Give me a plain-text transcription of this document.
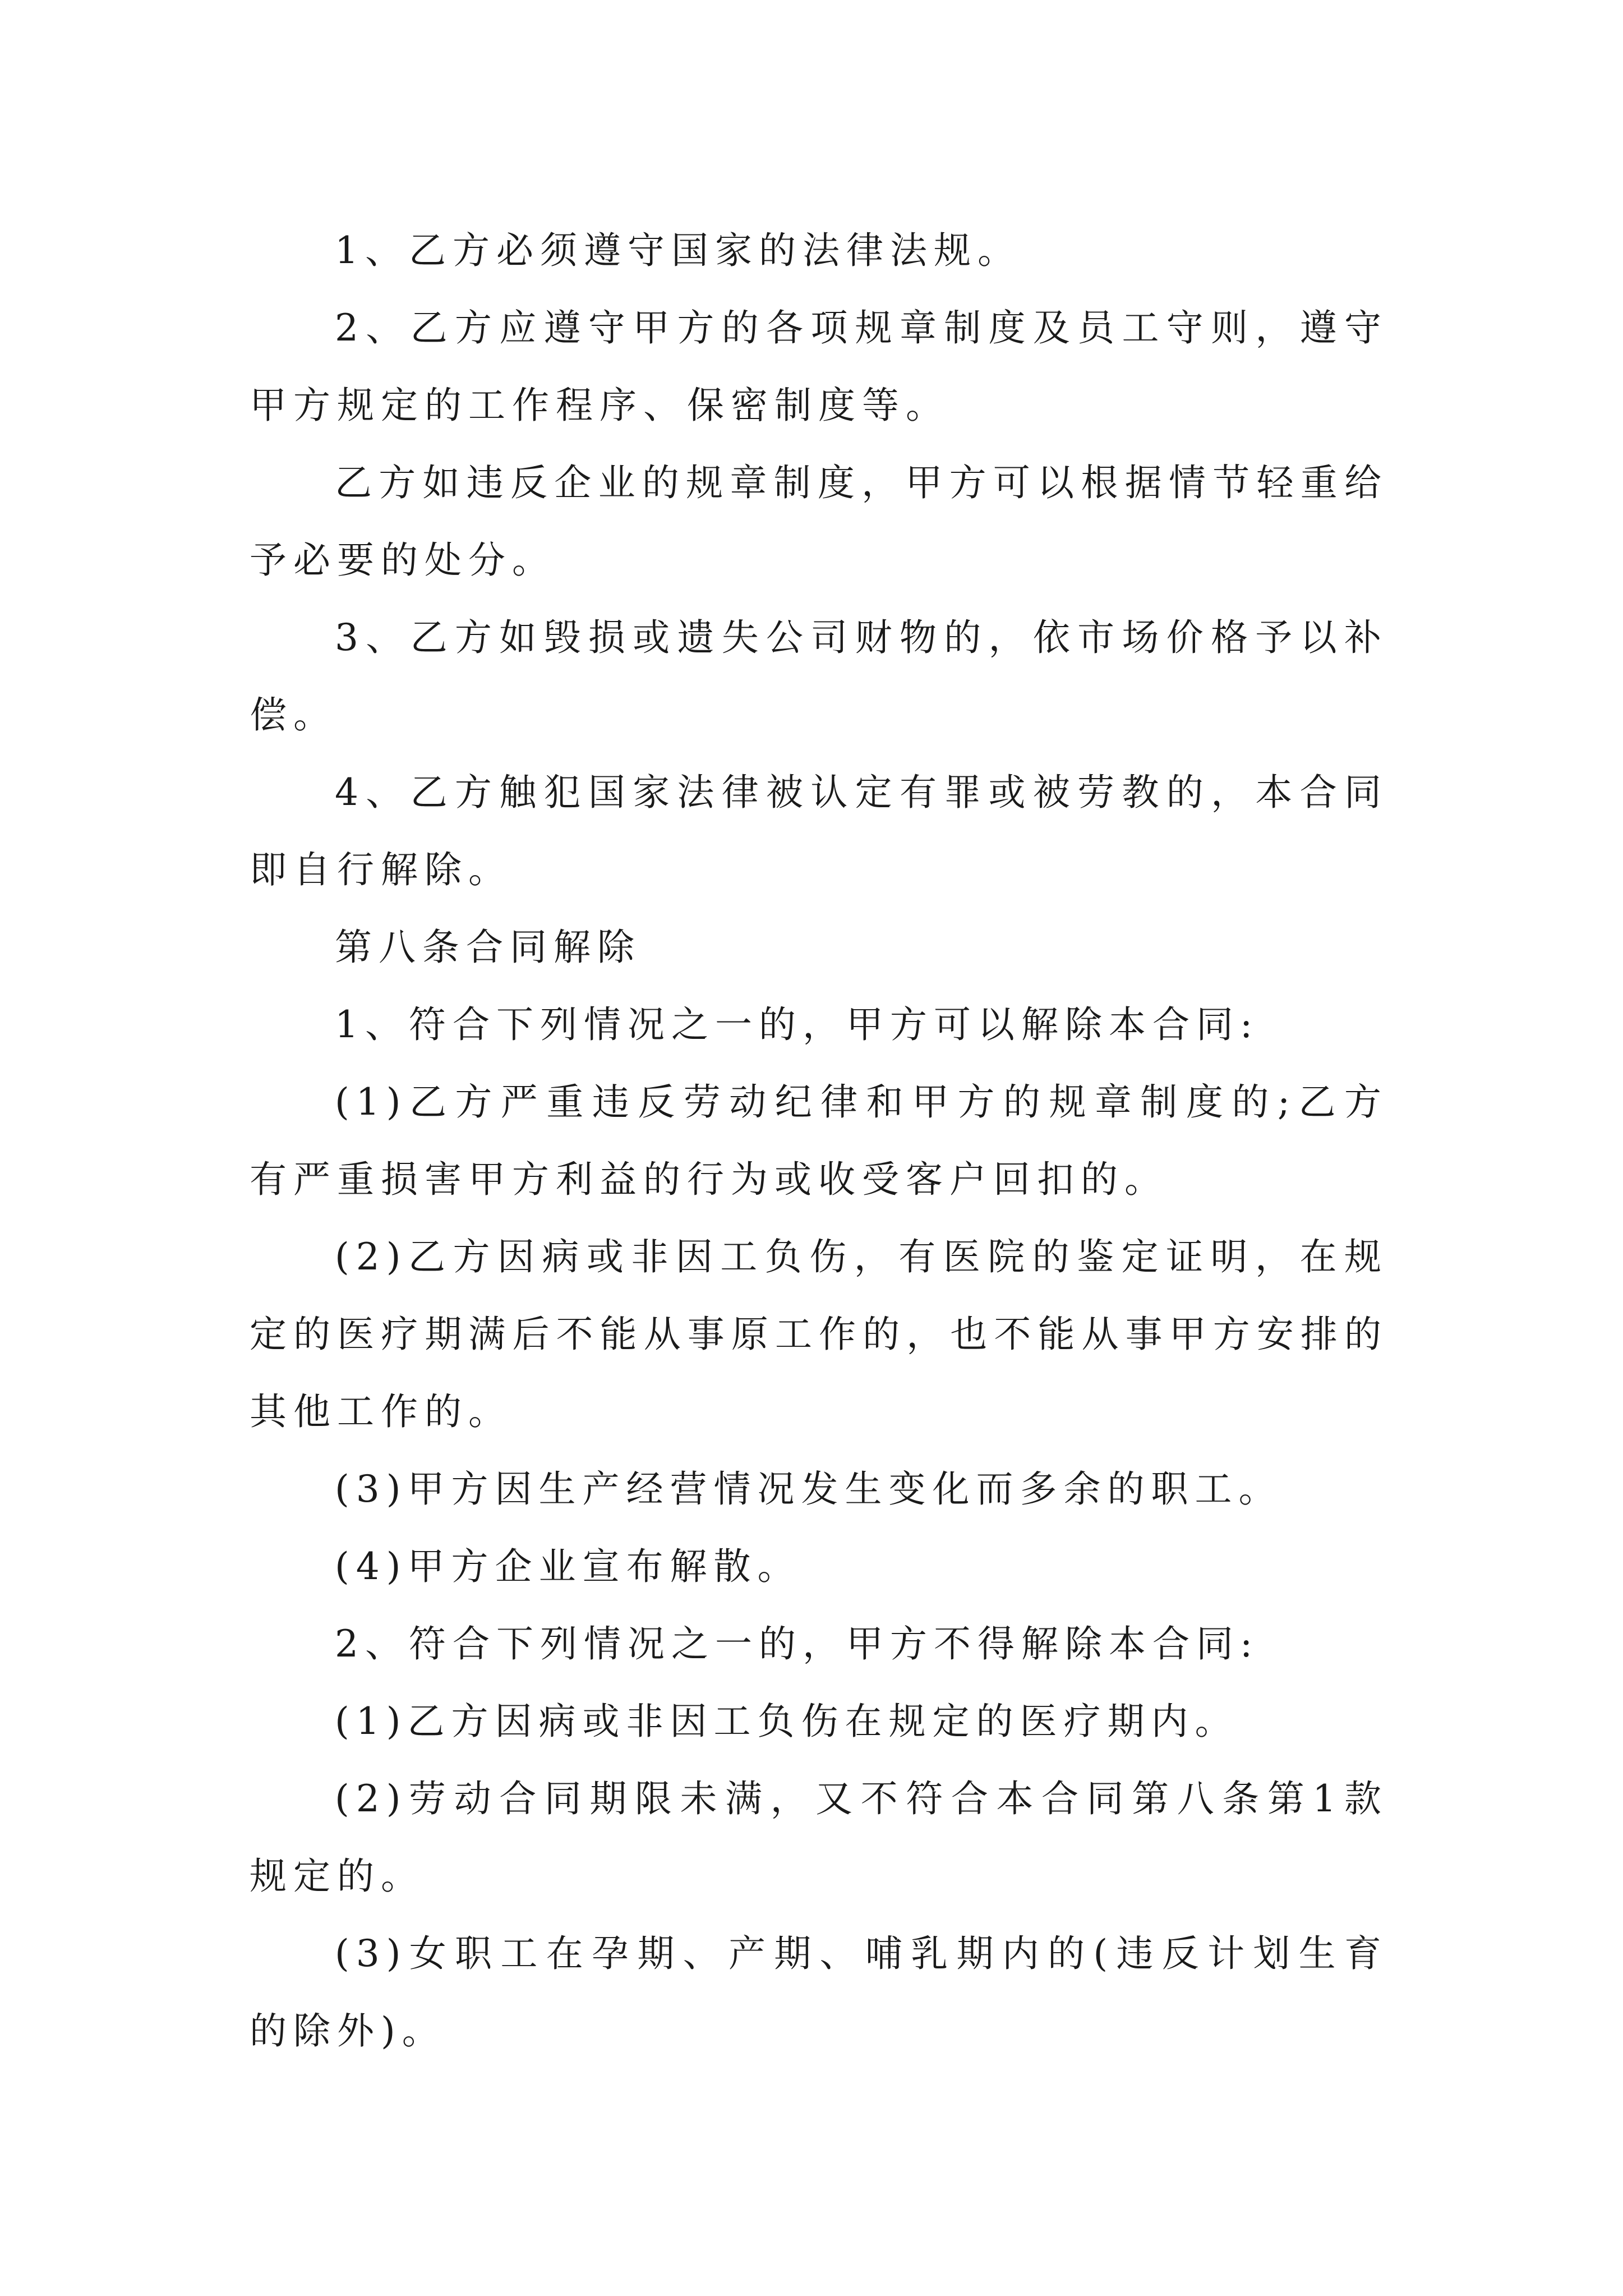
1、乙方必须遵守国家的法律法规。

2、乙方应遵守甲方的各项规章制度及员工守则，遵守甲方规定的工作程序、保密制度等。

乙方如违反企业的规章制度，甲方可以根据情节轻重给予必要的处分。

3、乙方如毁损或遗失公司财物的，依市场价格予以补偿。

4、乙方触犯国家法律被认定有罪或被劳教的，本合同即自行解除。

第八条合同解除

1、符合下列情况之一的，甲方可以解除本合同:

(1)乙方严重违反劳动纪律和甲方的规章制度的;乙方有严重损害甲方利益的行为或收受客户回扣的。

(2)乙方因病或非因工负伤，有医院的鉴定证明，在规定的医疗期满后不能从事原工作的，也不能从事甲方安排的其他工作的。

(3)甲方因生产经营情况发生变化而多余的职工。

(4)甲方企业宣布解散。

2、符合下列情况之一的，甲方不得解除本合同:

(1)乙方因病或非因工负伤在规定的医疗期内。

(2)劳动合同期限未满，又不符合本合同第八条第1款规定的。

(3)女职工在孕期、产期、哺乳期内的(违反计划生育的除外)。
